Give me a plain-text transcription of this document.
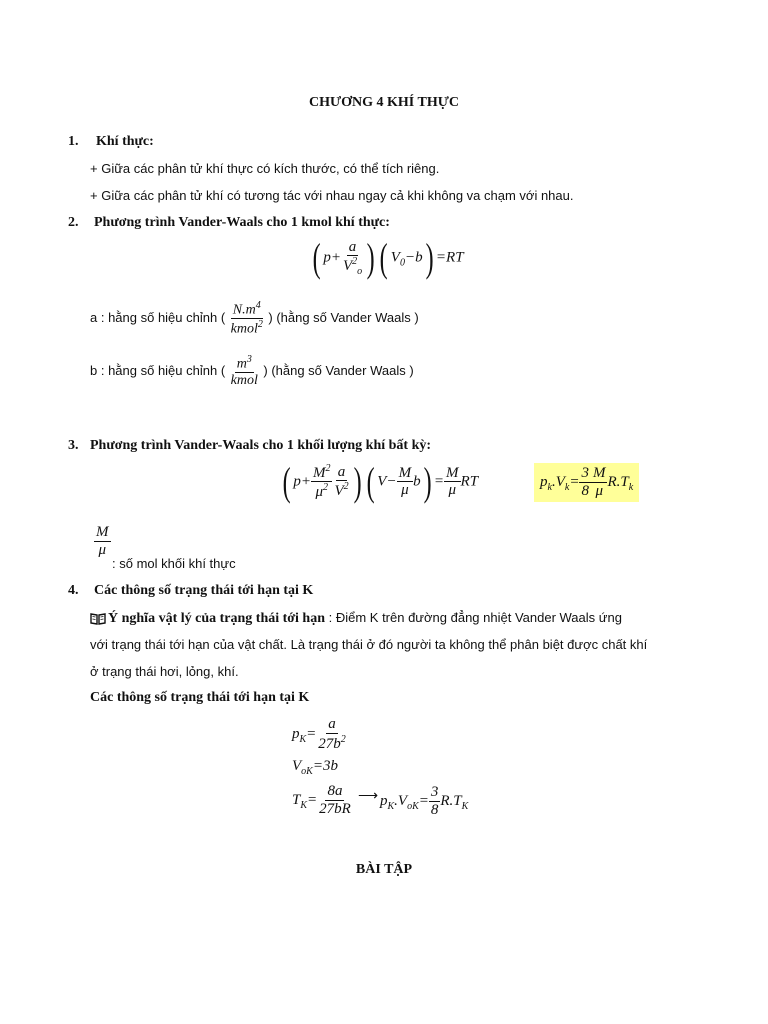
CHƯƠNG 4 KHÍ THỰC
1. Khí thực:
+ Giữa các phân tử khí thực có kích thước, có thể tích riêng.
+ Giữa các phân tử khí có tương tác với nhau ngay cả khi không va chạm với nhau.
2. Phương trình Vander-Waals cho 1 kmol khí thực:
( $p+ \frac{a}{V^2_o}$ ) ( $V_0-b) =RT$
a : hằng số hiệu chỉnh ( $\frac{N.m^4}{kmol^2}$ ) (hằng số Vander Waals )
b : hằng số hiệu chỉnh ( $\frac{m^3}{\text{kmol}}$ ) (hằng số Vander Waals )
3. Phương trình Vander-Waals cho 1 khối lượng khí bất kỳ:
( $p+ \frac{M^2}{\mu^2} \frac{a}{V^2}$ ) ( $V- \frac{M}{\mu} b) = \frac{M}{\mu}$ RT	$p_k.V_k= \frac{3}{8} \frac{M}{\mu} R.T_k$
$\frac{M}{\mu}$
: số mol khối khí thực
4. Các thông số trạng thái tới hạn tại K
Ý nghĩa vật lý của trạng thái tới hạn : Điểm K trên đường đẳng nhiệt Vander Waals ứng
với trạng thái tới hạn của vật chất. Là trạng thái ở đó người ta không thể phân biệt được chất khí
ở trạng thái hơi, lỏng, khí.
Các thông số trạng thái tới hạn tại K
$p_K= \frac{a}{27b^2}$
$V_{oK}=3b$
$T_K= \frac{8a}{27bR}$ ⟶ $p_K.V_{oK}= \frac{3}{8} R.T_K$
BÀI TẬP
